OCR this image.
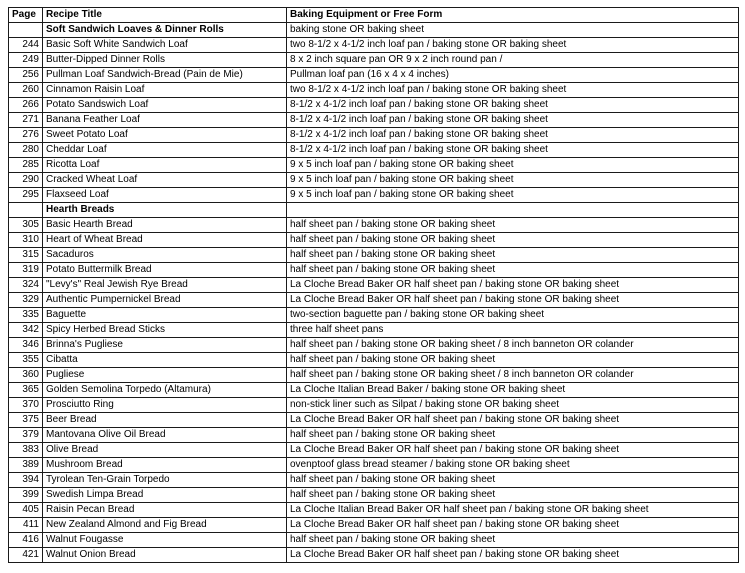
Page	Recipe Title	Baking Equipment or Free Form
	Soft Sandwich Loaves & Dinner Rolls	baking stone OR baking sheet
244	Basic Soft White Sandwich Loaf	two 8-1/2 x 4-1/2 inch loaf pan / baking stone OR baking sheet
249	Butter-Dipped Dinner Rolls	8 x 2 inch square pan OR 9 x 2 inch round pan /
256	Pullman Loaf Sandwich-Bread (Pain de Mie)	Pullman loaf pan (16 x 4 x 4 inches)
260	Cinnamon Raisin Loaf	two 8-1/2 x 4-1/2 inch loaf pan / baking stone OR baking sheet
266	Potato Sandswich Loaf	8-1/2 x 4-1/2 inch loaf pan / baking stone OR baking sheet
271	Banana Feather Loaf	8-1/2 x 4-1/2 inch loaf pan / baking stone OR baking sheet
276	Sweet Potato Loaf	8-1/2 x 4-1/2 inch loaf pan / baking stone OR baking sheet
280	Cheddar Loaf	8-1/2 x 4-1/2 inch loaf pan / baking stone OR baking sheet
285	Ricotta Loaf	9 x 5 inch loaf pan / baking stone OR baking sheet
290	Cracked Wheat Loaf	9 x 5 inch loaf pan / baking stone OR baking sheet
295	Flaxseed Loaf	9 x 5 inch loaf pan / baking stone OR baking sheet
	Hearth Breads	
305	Basic Hearth Bread	half sheet pan / baking stone OR baking sheet
310	Heart of Wheat Bread	half sheet pan / baking stone OR baking sheet
315	Sacaduros	half sheet pan / baking stone OR baking sheet
319	Potato Buttermilk Bread	half sheet pan / baking stone OR baking sheet
324	"Levy's" Real Jewish Rye Bread	La Cloche Bread Baker OR half sheet pan / baking stone OR baking sheet
329	Authentic Pumpernickel Bread	La Cloche Bread Baker OR half sheet pan / baking stone OR baking sheet
335	Baguette	two-section baguette pan / baking stone OR baking sheet
342	Spicy Herbed Bread Sticks	three half sheet pans
346	Brinna's Pugliese	half sheet pan / baking stone OR baking sheet / 8 inch banneton OR colander
355	Cibatta	half sheet pan / baking stone OR baking sheet
360	Pugliese	half sheet pan / baking stone OR baking sheet / 8 inch banneton OR colander
365	Golden Semolina Torpedo (Altamura)	La Cloche Italian Bread Baker / baking stone OR baking sheet
370	Prosciutto Ring	non-stick liner such as Silpat / baking stone OR baking sheet
375	Beer Bread	La Cloche Bread Baker OR half sheet pan / baking stone OR baking sheet
379	Mantovana Olive Oil Bread	half sheet pan / baking stone OR baking sheet
383	Olive Bread	La Cloche Bread Baker OR half sheet pan / baking stone OR baking sheet
389	Mushroom Bread	ovenptoof glass bread steamer / baking stone OR baking sheet
394	Tyrolean Ten-Grain Torpedo	half sheet pan / baking stone OR baking sheet
399	Swedish Limpa Bread	half sheet pan / baking stone OR baking sheet
405	Raisin Pecan Bread	La Cloche Italian Bread Baker OR half sheet pan / baking stone OR baking sheet
411	New Zealand Almond and Fig Bread	La Cloche Bread Baker OR half sheet pan / baking stone OR baking sheet
416	Walnut Fougasse	half sheet pan / baking stone OR baking sheet
421	Walnut Onion Bread	La Cloche Bread Baker OR half sheet pan / baking stone OR baking sheet
